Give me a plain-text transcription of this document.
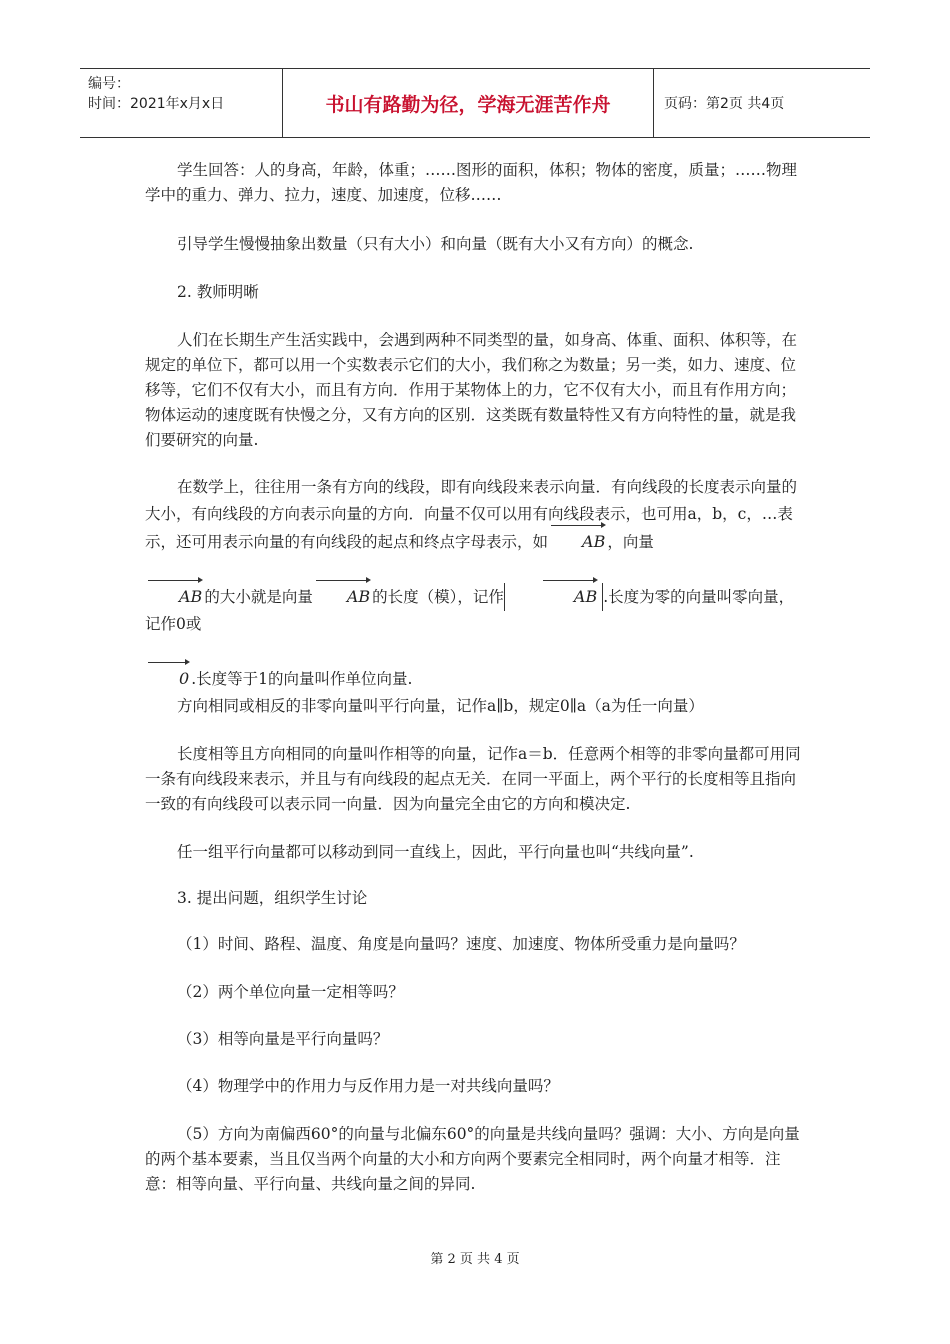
编号：
时间：2021年x月x日	书山有路勤为径，学海无涯苦作舟	页码：第2页 共4页

学生回答：人的身高，年龄，体重；……图形的面积，体积；物体的密度，质量；……物理学中的重力、弹力、拉力，速度、加速度，位移……

引导学生慢慢抽象出数量（只有大小）和向量（既有大小又有方向）的概念.

2. 教师明晰

人们在长期生产生活实践中，会遇到两种不同类型的量，如身高、体重、面积、体积等，在规定的单位下，都可以用一个实数表示它们的大小，我们称之为数量；另一类，如力、速度、位移等，它们不仅有大小，而且有方向．作用于某物体上的力，它不仅有大小，而且有作用方向；物体运动的速度既有快慢之分，又有方向的区别．这类既有数量特性又有方向特性的量，就是我们要研究的向量.

在数学上，往往用一条有方向的线段，即有向线段来表示向量．有向线段的长度表示向量的大小，有向线段的方向表示向量的方向．向量不仅可以用有向线段表示，也可用a，b，c，…表示，还可用表示向量的有向线段的起点和终点字母表示，如 AB ，向量

AB 的大小就是向量 AB 的长度（模），记作	AB .长度为零的向量叫零向量，记作0或

0 .长度等于1的向量叫作单位向量.

方向相同或相反的非零向量叫平行向量，记作a∥b，规定0∥a（a为任一向量）

长度相等且方向相同的向量叫作相等的向量，记作a＝b．任意两个相等的非零向量都可用同一条有向线段来表示，并且与有向线段的起点无关．在同一平面上，两个平行的长度相等且指向一致的有向线段可以表示同一向量．因为向量完全由它的方向和模决定.

任一组平行向量都可以移动到同一直线上，因此，平行向量也叫“共线向量”.

3. 提出问题，组织学生讨论

（1）时间、路程、温度、角度是向量吗？速度、加速度、物体所受重力是向量吗？

（2）两个单位向量一定相等吗？

（3）相等向量是平行向量吗？

（4）物理学中的作用力与反作用力是一对共线向量吗？

（5）方向为南偏西60°的向量与北偏东60°的向量是共线向量吗？强调：大小、方向是向量的两个基本要素，当且仅当两个向量的大小和方向两个要素完全相同时，两个向量才相等．注意：相等向量、平行向量、共线向量之间的异同.

第 2 页 共 4 页
